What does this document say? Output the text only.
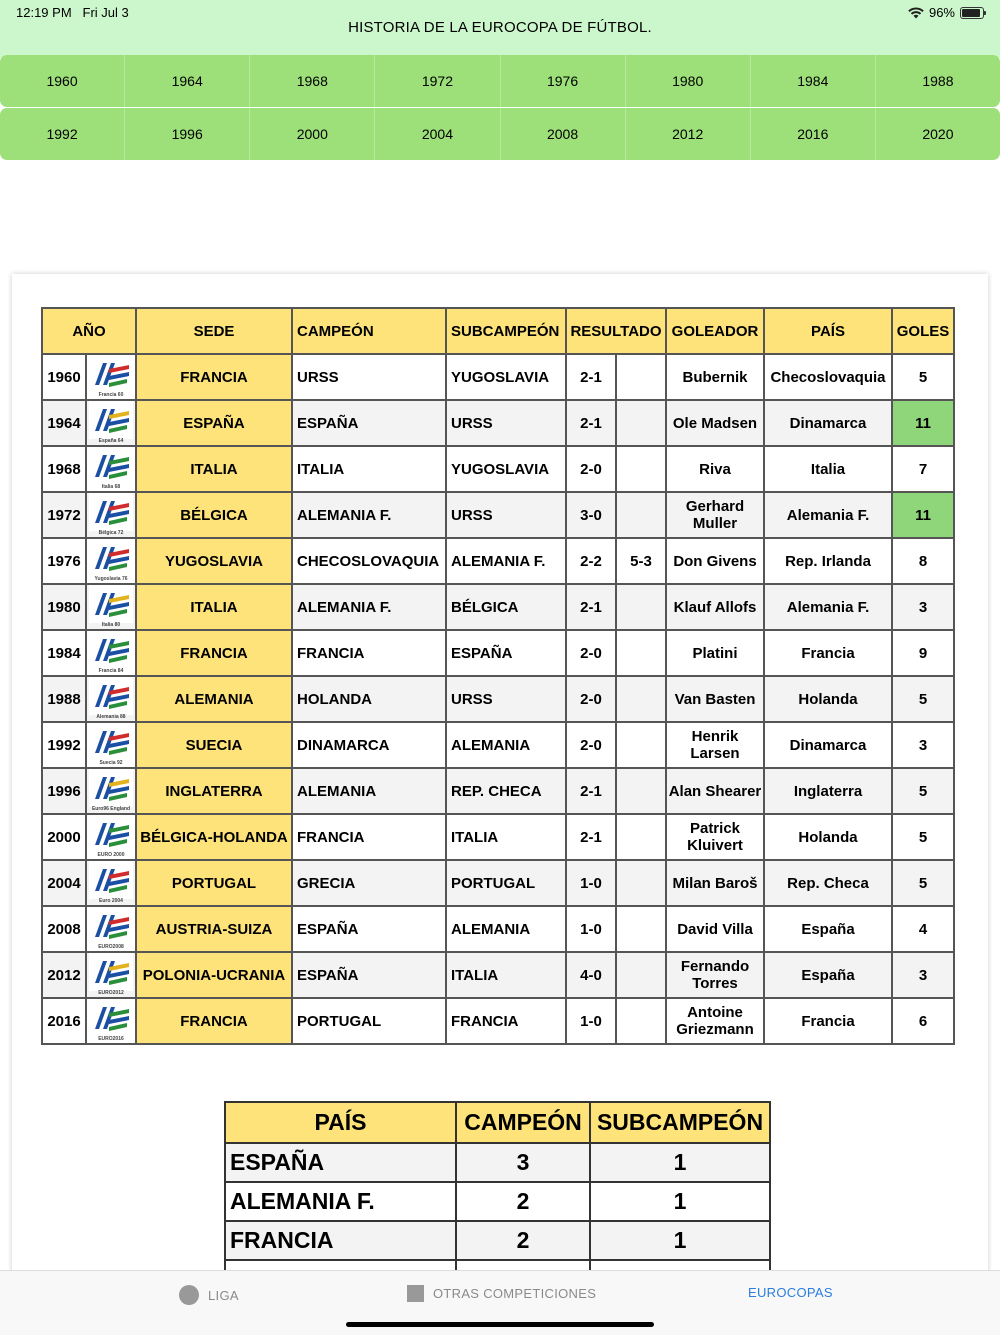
12:19 PM Fri Jul 3	96%
HISTORIA DE LA EUROCOPA DE FÚTBOL.
1960	1964	1968	1972	1976	1980	1984	1988
1992	1996	2000	2004	2008	2012	2016	2020
AÑO		SEDE	CAMPEÓN	SUBCAMPEÓN	RESULTADO		GOLEADOR	PAÍS	GOLES
1960	Francia 60	FRANCIA	URSS	YUGOSLAVIA	2-1		Bubernik	Checoslovaquia	5
1964	España 64	ESPAÑA	ESPAÑA	URSS	2-1		Ole Madsen	Dinamarca	11
1968	Italia 68	ITALIA	ITALIA	YUGOSLAVIA	2-0		Riva	Italia	7
1972	Bélgica 72	BÉLGICA	ALEMANIA F.	URSS	3-0		Gerhard Muller	Alemania F.	11
1976	Yugoslavia 76	YUGOSLAVIA	CHECOSLOVAQUIA	ALEMANIA F.	2-2	5-3	Don Givens	Rep. Irlanda	8
1980	Italia 80	ITALIA	ALEMANIA F.	BÉLGICA	2-1		Klauf Allofs	Alemania F.	3
1984	Francia 84	FRANCIA	FRANCIA	ESPAÑA	2-0		Platini	Francia	9
1988	Alemania 88	ALEMANIA	HOLANDA	URSS	2-0		Van Basten	Holanda	5
1992	Suecia 92	SUECIA	DINAMARCA	ALEMANIA	2-0		Henrik Larsen	Dinamarca	3
1996	Euro96 England	INGLATERRA	ALEMANIA	REP. CHECA	2-1		Alan Shearer	Inglaterra	5
2000	EURO 2000	BÉLGICA-HOLANDA	FRANCIA	ITALIA	2-1		Patrick Kluivert	Holanda	5
2004	Euro 2004	PORTUGAL	GRECIA	PORTUGAL	1-0		Milan Baroš	Rep. Checa	5
2008	EURO2008	AUSTRIA-SUIZA	ESPAÑA	ALEMANIA	1-0		David Villa	España	4
2012	EURO2012	POLONIA-UCRANIA	ESPAÑA	ITALIA	4-0		Fernando Torres	España	3
2016	EURO2016	FRANCIA	PORTUGAL	FRANCIA	1-0		Antoine Griezmann	Francia	6
PAÍS	CAMPEÓN	SUBCAMPEÓN
ESPAÑA	3	1
ALEMANIA F.	2	1
FRANCIA	2	1

LIGA	OTRAS COMPETICIONES	EUROCOPAS
